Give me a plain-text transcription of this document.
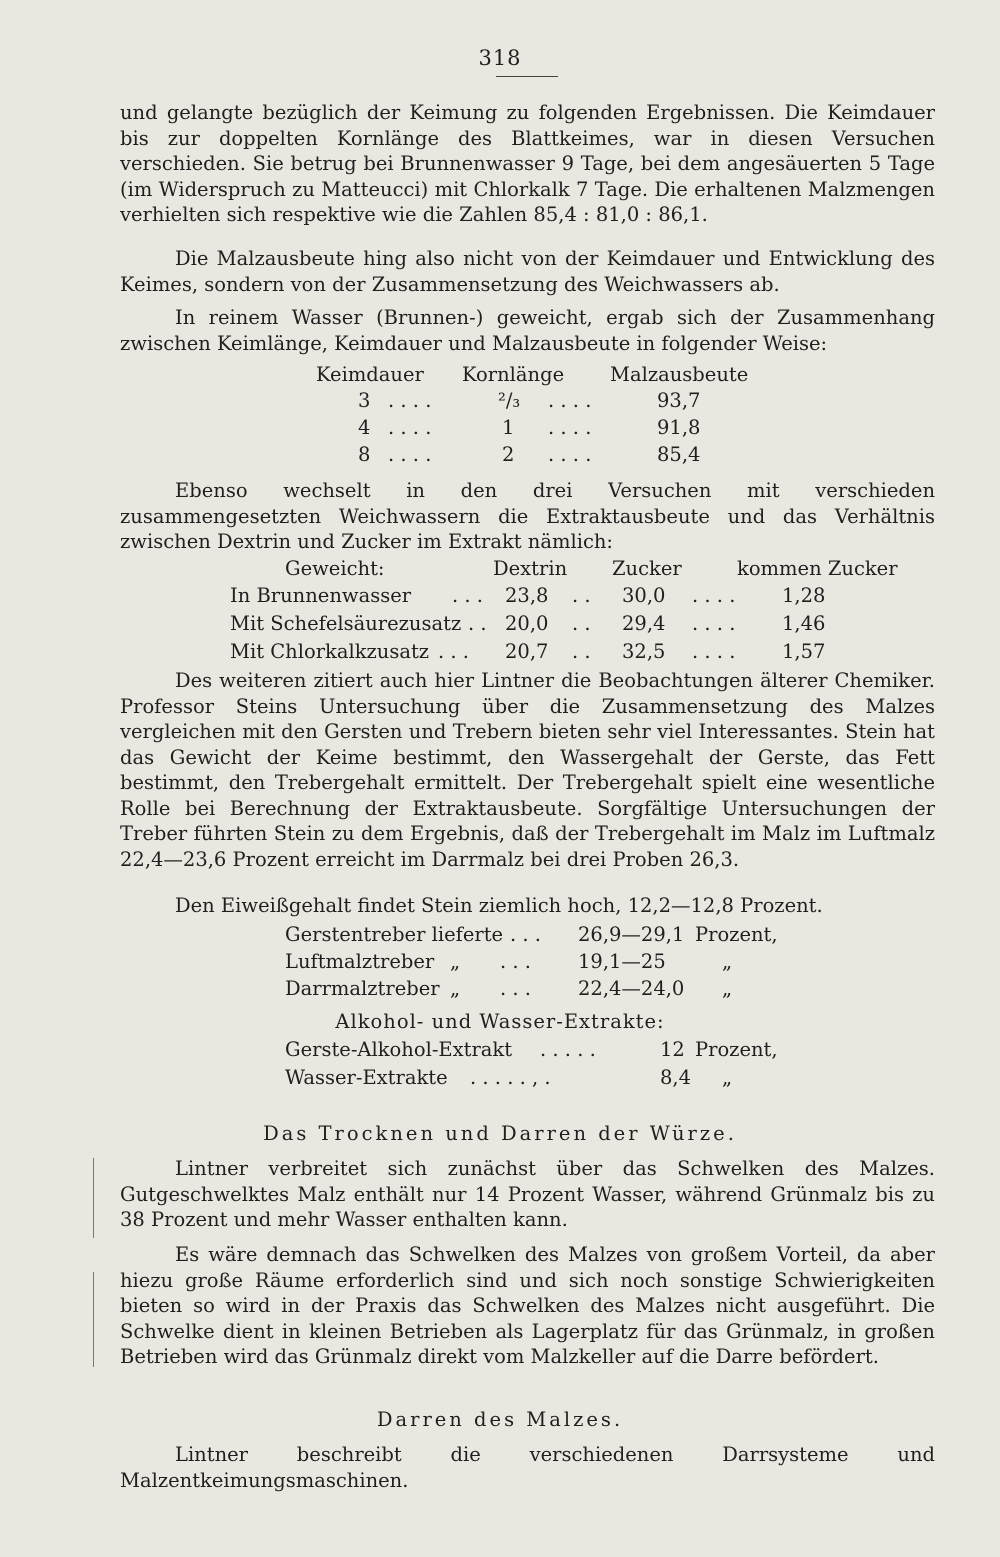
318
und gelangte bezüglich der Keimung zu folgenden Ergebnissen. Die Keimdauer bis zur doppelten Kornlänge des Blattkeimes, war in diesen Versuchen verschieden. Sie betrug bei Brunnenwasser 9 Tage, bei dem angesäuerten 5 Tage (im Widerspruch zu Matteucci) mit Chlorkalk 7 Tage. Die erhaltenen Malzmengen verhielten sich respektive wie die Zahlen 85,4 : 81,0 : 86,1.
Die Malzausbeute hing also nicht von der Keimdauer und Entwicklung des Keimes, sondern von der Zusammensetzung des Weichwassers ab.
In reinem Wasser (Brunnen-) geweicht, ergab sich der Zusammenhang zwischen Keimlänge, Keimdauer und Malzausbeute in folgender Weise:
Keimdauer Kornlänge Malzausbeute
3 . . . .	²/₃ . . . .	93,7
4 . . . .	1 . . . .	91,8
8 . . . .	2 . . . .	85,4
Ebenso wechselt in den drei Versuchen mit verschieden zusammengesetzten Weichwassern die Extraktausbeute und das Verhältnis zwischen Dextrin und Zucker im Extrakt nämlich:
Geweicht:	Dextrin Zucker	kommen Zucker
In Brunnenwasser . . . 23,8 . . 30,0 . . . . 1,28
Mit Schefelsäurezusatz . . 20,0 . . 29,4 . . . . 1,46
Mit Chlorkalkzusatz . . . 20,7 . . 32,5 . . . . 1,57
Des weiteren zitiert auch hier Lintner die Beobachtungen älterer Chemiker. Professor Steins Untersuchung über die Zusammensetzung des Malzes vergleichen mit den Gersten und Trebern bieten sehr viel Interessantes. Stein hat das Gewicht der Keime bestimmt, den Wassergehalt der Gerste, das Fett bestimmt, den Trebergehalt ermittelt. Der Trebergehalt spielt eine wesentliche Rolle bei Berechnung der Extraktausbeute. Sorgfältige Untersuchungen der Treber führten Stein zu dem Ergebnis, daß der Trebergehalt im Malz im Luftmalz 22,4—23,6 Prozent erreicht im Darrmalz bei drei Proben 26,3.
Den Eiweißgehalt findet Stein ziemlich hoch, 12,2—12,8 Prozent.
Gerstentreber lieferte . . . 26,9—29,1 Prozent,
Luftmalztreber „ . . . 19,1—25	„
Darrmalztreber „ . . . 22,4—24,0 „
Alkohol- und Wasser-Extrakte:
Gerste-Alkohol-Extrakt . . . . .	12 Prozent,
Wasser-Extrakte . . . . . , .	8,4 „
Das Trocknen und Darren der Würze.
Lintner verbreitet sich zunächst über das Schwelken des Malzes. Gutgeschwelktes Malz enthält nur 14 Prozent Wasser, während Grünmalz bis zu 38 Prozent und mehr Wasser enthalten kann.
Es wäre demnach das Schwelken des Malzes von großem Vorteil, da aber hiezu große Räume erforderlich sind und sich noch sonstige Schwierigkeiten bieten so wird in der Praxis das Schwelken des Malzes nicht ausgeführt. Die Schwelke dient in kleinen Betrieben als Lagerplatz für das Grünmalz, in großen Betrieben wird das Grünmalz direkt vom Malzkeller auf die Darre befördert.
Darren des Malzes.
Lintner beschreibt die verschiedenen Darrsysteme und Malzentkeimungsmaschinen.
